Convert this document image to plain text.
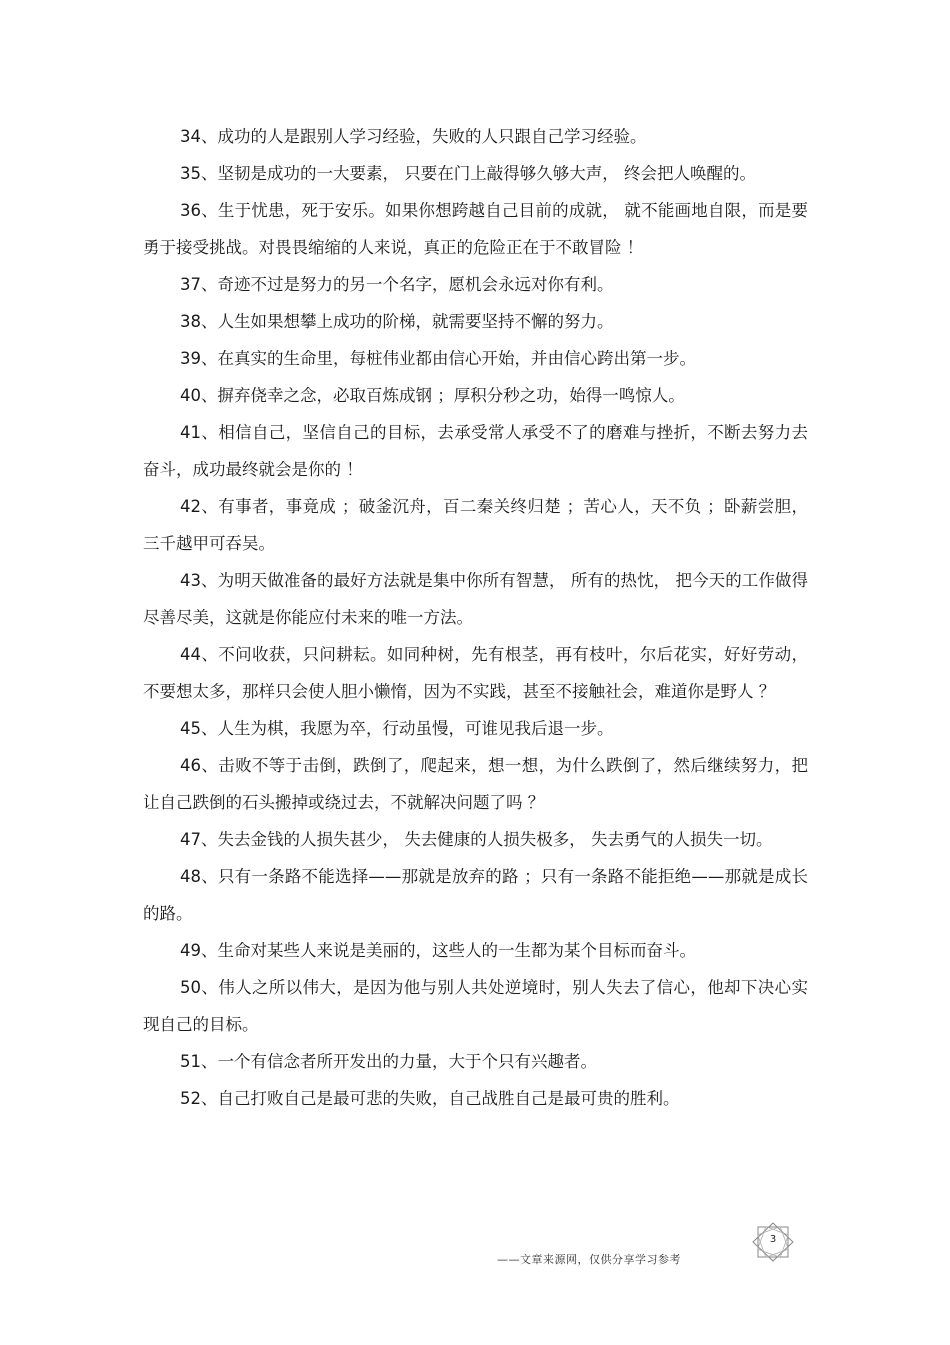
34、成功的人是跟别人学习经验，失败的人只跟自己学习经验。

35、坚韧是成功的一大要素， 只要在门上敲得够久够大声， 终会把人唤醒的。

36、生于忧患，死于安乐。如果你想跨越自己目前的成就， 就不能画地自限，而是要勇于接受挑战。对畏畏缩缩的人来说，真正的危险正在于不敢冒险 ！

37、奇迹不过是努力的另一个名字，愿机会永远对你有利。

38、人生如果想攀上成功的阶梯，就需要坚持不懈的努力。

39、在真实的生命里，每桩伟业都由信心开始，并由信心跨出第一步。

40、摒弃侥幸之念，必取百炼成钢 ；厚积分秒之功，始得一鸣惊人。

41、相信自己，坚信自己的目标，去承受常人承受不了的磨难与挫折，不断去努力去奋斗，成功最终就会是你的 ！

42、有事者，事竟成 ；破釜沉舟，百二秦关终归楚 ；苦心人，天不负 ；卧薪尝胆，三千越甲可吞吴。

43、为明天做准备的最好方法就是集中你所有智慧， 所有的热忱， 把今天的工作做得尽善尽美，这就是你能应付未来的唯一方法。

44、不问收获，只问耕耘。如同种树，先有根茎，再有枝叶，尔后花实，好好劳动，不要想太多，那样只会使人胆小懒惰，因为不实践，甚至不接触社会，难道你是野人 ？

45、人生为棋，我愿为卒，行动虽慢，可谁见我后退一步。

46、击败不等于击倒，跌倒了，爬起来，想一想，为什么跌倒了，然后继续努力，把让自己跌倒的石头搬掉或绕过去，不就解决问题了吗 ？

47、失去金钱的人损失甚少， 失去健康的人损失极多， 失去勇气的人损失一切。

48、只有一条路不能选择——那就是放弃的路 ；只有一条路不能拒绝——那就是成长的路。

49、生命对某些人来说是美丽的，这些人的一生都为某个目标而奋斗。

50、伟人之所以伟大，是因为他与别人共处逆境时，别人失去了信心，他却下决心实现自己的目标。

51、一个有信念者所开发出的力量，大于个只有兴趣者。

52、自己打败自己是最可悲的失败，自己战胜自己是最可贵的胜利。

3
——文章来源网，仅供分享学习参考
